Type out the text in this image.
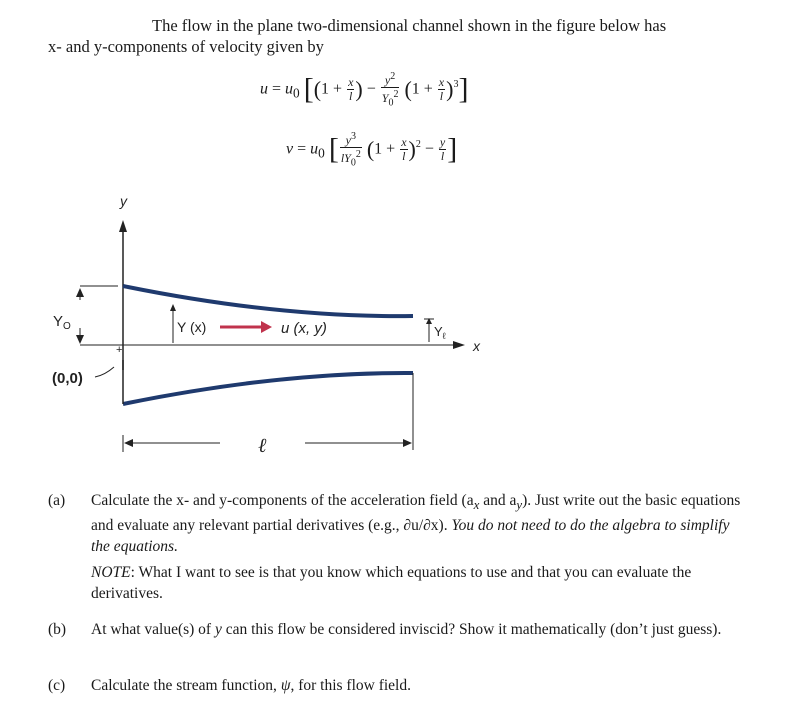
The flow in the plane two-dimensional channel shown in the figure below has
x- and y-components of velocity given by
$u = u_0$ [($1 + \frac{x}{l}$ ) − $\frac{y^2}{Y_0^2} (1 + \frac{x}{l} )^3$]
$v = u_0$ [ $\frac{y^3}{lY_0^2} (1 + \frac{x}{l} )^2 - \frac{y}{l}$ ]
y
x
+
$Y_O$
(0,0)
Y (x)	u (x, y)	$Y_\ell$
ℓ
(a) Calculate the x- and y-components of the acceleration field ($a_x$ and $a_y$). Just write out the basic equations and evaluate any relevant partial derivatives (e.g., ∂u/∂x). You do not need to do the algebra to simplify the equations.
NOTE: What I want to see is that you know which equations to use and that you can evaluate the derivatives.
(b) At what value(s) of y can this flow be considered inviscid? Show it mathematically (don’t just guess).
(c) Calculate the stream function, ψ, for this flow field.
